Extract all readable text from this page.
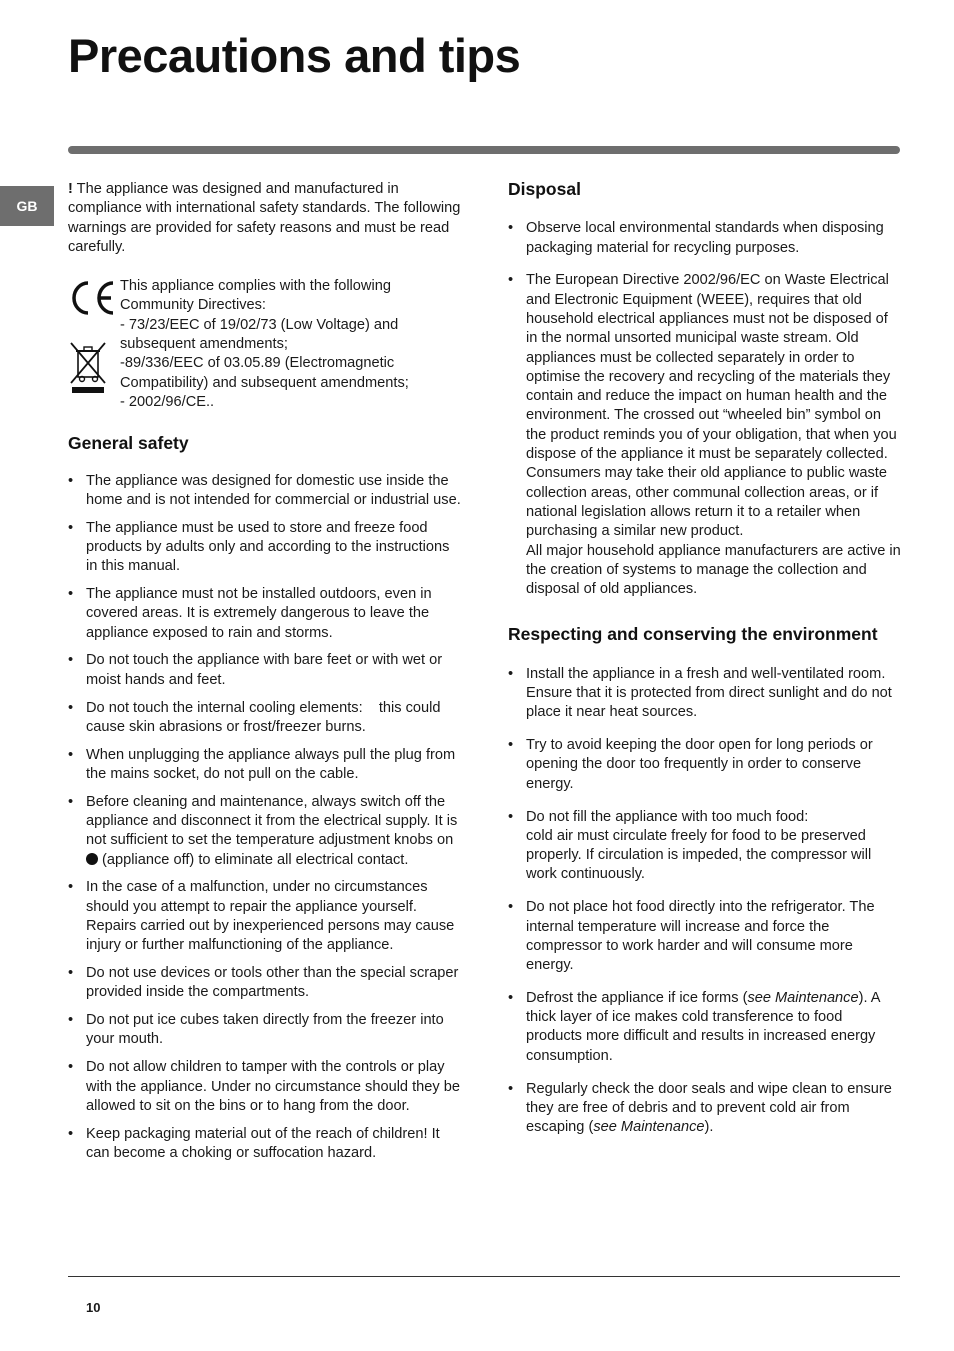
Precautions and tips
GB

! The appliance was designed and manufactured in compliance with international safety standards. The following warnings are provided for safety reasons and must be read carefully.

This appliance complies with the following Community Directives:
- 73/23/EEC of 19/02/73 (Low Voltage) and subsequent amendments;
-89/336/EEC of 03.05.89 (Electromagnetic Compatibility) and subsequent amendments;
- 2002/96/CE..

General safety
• The appliance was designed for domestic use inside the home and is not intended for commercial or industrial use.
• The appliance must be used to store and freeze food products by adults only and according to the instructions in this manual.
• The appliance must not be installed outdoors, even in covered areas. It is extremely dangerous to leave the appliance exposed to rain and storms.
• Do not touch the appliance with bare feet or with wet or moist hands and feet.
• Do not touch the internal cooling elements:    this could cause skin abrasions or frost/freezer burns.
• When unplugging the appliance always pull the plug from the mains socket, do not pull on the cable.
• Before cleaning and maintenance, always switch off the appliance and disconnect it from the electrical supply. It is not sufficient to set the temperature adjustment knobs on  (appliance off) to eliminate all electrical contact.
• In the case of a malfunction, under no circumstances should you attempt to repair the appliance yourself. Repairs carried out by inexperienced persons may cause injury or further malfunctioning of the appliance.
• Do not use devices or tools other than the special scraper provided inside the compartments.
• Do not put ice cubes taken directly from the freezer into your mouth.
• Do not allow children to tamper with the controls or play with the appliance. Under no circumstance should they be allowed to sit on the bins or to hang from the door.
• Keep packaging material out of the reach of children! It can become a choking or suffocation hazard.
Disposal
• Observe local environmental standards when disposing packaging material for recycling purposes.
• The European Directive 2002/96/EC on Waste Electrical and Electronic Equipment (WEEE), requires that old household electrical appliances must not be disposed of in the normal unsorted municipal waste stream. Old appliances must be collected separately in order to optimise the recovery and recycling of the materials they contain and reduce the impact on human health and the environment. The crossed out “wheeled bin” symbol on the product reminds you of your obligation, that when you dispose of the appliance it must be separately collected.
Consumers may take their old appliance to public waste collection areas, other communal collection areas, or if national legislation allows return it to a retailer when purchasing a similar new product.
All major household appliance manufacturers are active in the creation of systems to manage the collection and disposal of old appliances.
Respecting and conserving the environment
• Install the appliance in a fresh and well-ventilated room. Ensure that it is protected from direct sunlight and do not place it near heat sources.
• Try to avoid keeping the door open for long periods or opening the door too frequently in order to conserve energy.
• Do not fill the appliance with too much food:
cold air must circulate freely for food to be preserved properly. If circulation is impeded, the compressor will work continuously.
• Do not place hot food directly into the refrigerator. The internal temperature will increase and force the compressor to work harder and will consume more energy.
• Defrost the appliance if ice forms (see Maintenance). A thick layer of ice makes cold transference to food products more difficult and results in increased energy consumption.
• Regularly check the door seals and wipe clean to ensure they are free of debris and to prevent cold air from escaping (see Maintenance).
10
